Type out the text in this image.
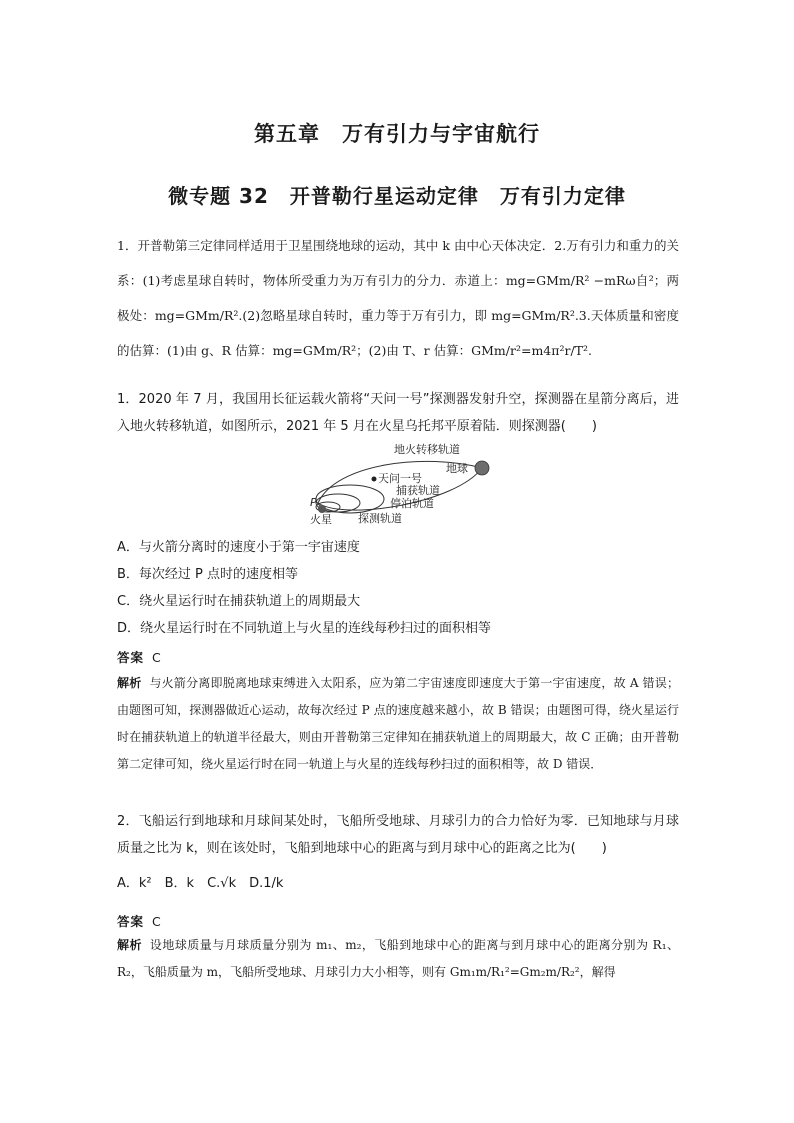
第五章　万有引力与宇宙航行
微专题 32　开普勒行星运动定律　万有引力定律
1．开普勒第三定律同样适用于卫星围绕地球的运动，其中 k 由中心天体决定．2.万有引力和重力的关系：(1)考虑星球自转时，物体所受重力为万有引力的分力．赤道上：mg=GMm/R² −mRω自²；两极处：mg=GMm/R².(2)忽略星球自转时，重力等于万有引力，即 mg=GMm/R².3.天体质量和密度的估算：(1)由 g、R 估算：mg=GMm/R²；(2)由 T、r 估算：GMm/r²=m4π²r/T².
1．2020 年 7 月，我国用长征运载火箭将“天问一号”探测器发射升空，探测器在星箭分离后，进入地火转移轨道，如图所示，2021 年 5 月在火星乌托邦平原着陆．则探测器(　　)
地火转移轨道
地球
天问一号
捕获轨道
停泊轨道
探测轨道
P
火星
A．与火箭分离时的速度小于第一宇宙速度
B．每次经过 P 点时的速度相等
C．绕火星运行时在捕获轨道上的周期最大
D．绕火星运行时在不同轨道上与火星的连线每秒扫过的面积相等
答案 C
解析 与火箭分离即脱离地球束缚进入太阳系，应为第二宇宙速度即速度大于第一宇宙速度，故 A 错误；由题图可知，探测器做近心运动，故每次经过 P 点的速度越来越小，故 B 错误；由题图可得，绕火星运行时在捕获轨道上的轨道半径最大，则由开普勒第三定律知在捕获轨道上的周期最大，故 C 正确；由开普勒第二定律可知，绕火星运行时在同一轨道上与火星的连线每秒扫过的面积相等，故 D 错误．
2．飞船运行到地球和月球间某处时，飞船所受地球、月球引力的合力恰好为零．已知地球与月球质量之比为 k，则在该处时，飞船到地球中心的距离与到月球中心的距离之比为(　　)
A．k²　B．k　C.√k　D.1/k
答案 C
解析 设地球质量与月球质量分别为 m₁、m₂，飞船到地球中心的距离与到月球中心的距离分别为 R₁、R₂，飞船质量为 m，飞船所受地球、月球引力大小相等，则有 Gm₁m/R₁²=Gm₂m/R₂²，解得
